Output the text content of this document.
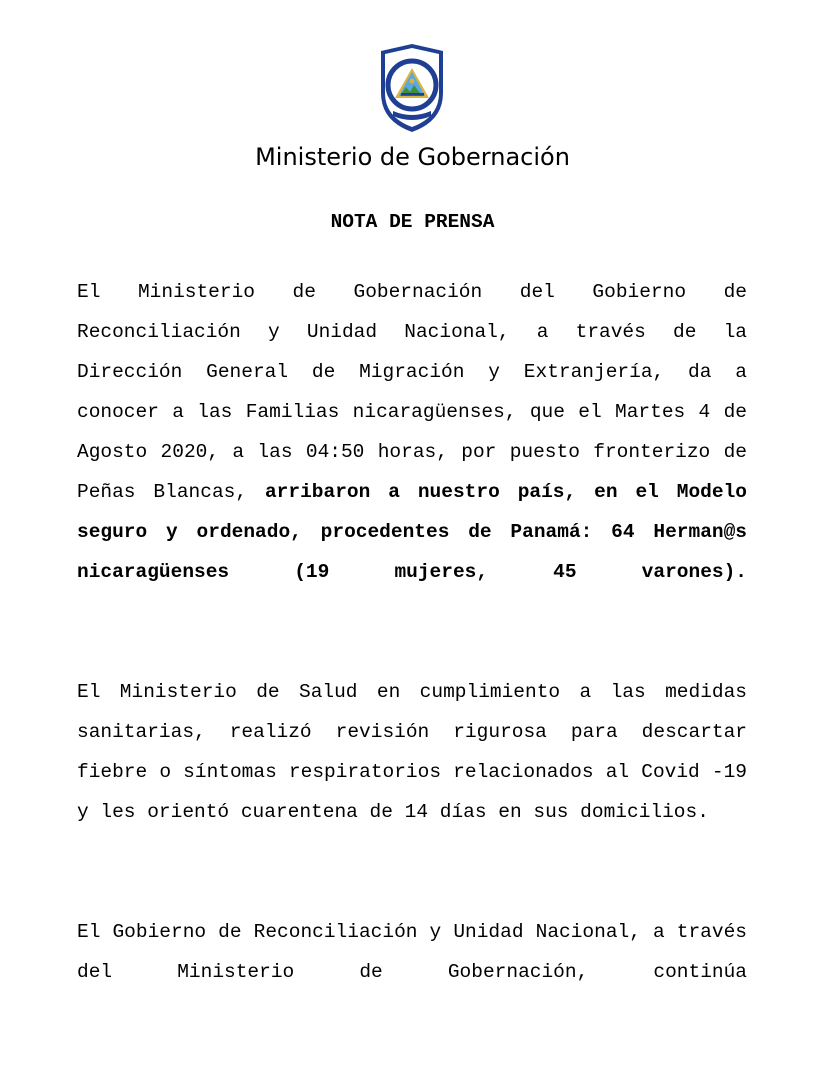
Ministerio de Gobernación
NOTA DE PRENSA

El Ministerio de Gobernación del Gobierno de Reconciliación y Unidad Nacional, a través de la Dirección General de Migración y Extranjería, da a conocer a las Familias nicaragüenses, que el Martes 4 de Agosto 2020, a las 04:50 horas, por puesto fronterizo de Peñas Blancas, arribaron a nuestro país, en el Modelo seguro y ordenado, procedentes de Panamá: 64 Herman@s nicaragüenses (19 mujeres, 45 varones).

El Ministerio de Salud en cumplimiento a las medidas sanitarias, realizó revisión rigurosa para descartar fiebre o síntomas respiratorios relacionados al Covid -19 y les orientó cuarentena de 14 días en sus domicilios.

El Gobierno de Reconciliación y Unidad Nacional, a través del Ministerio de Gobernación, continúa
